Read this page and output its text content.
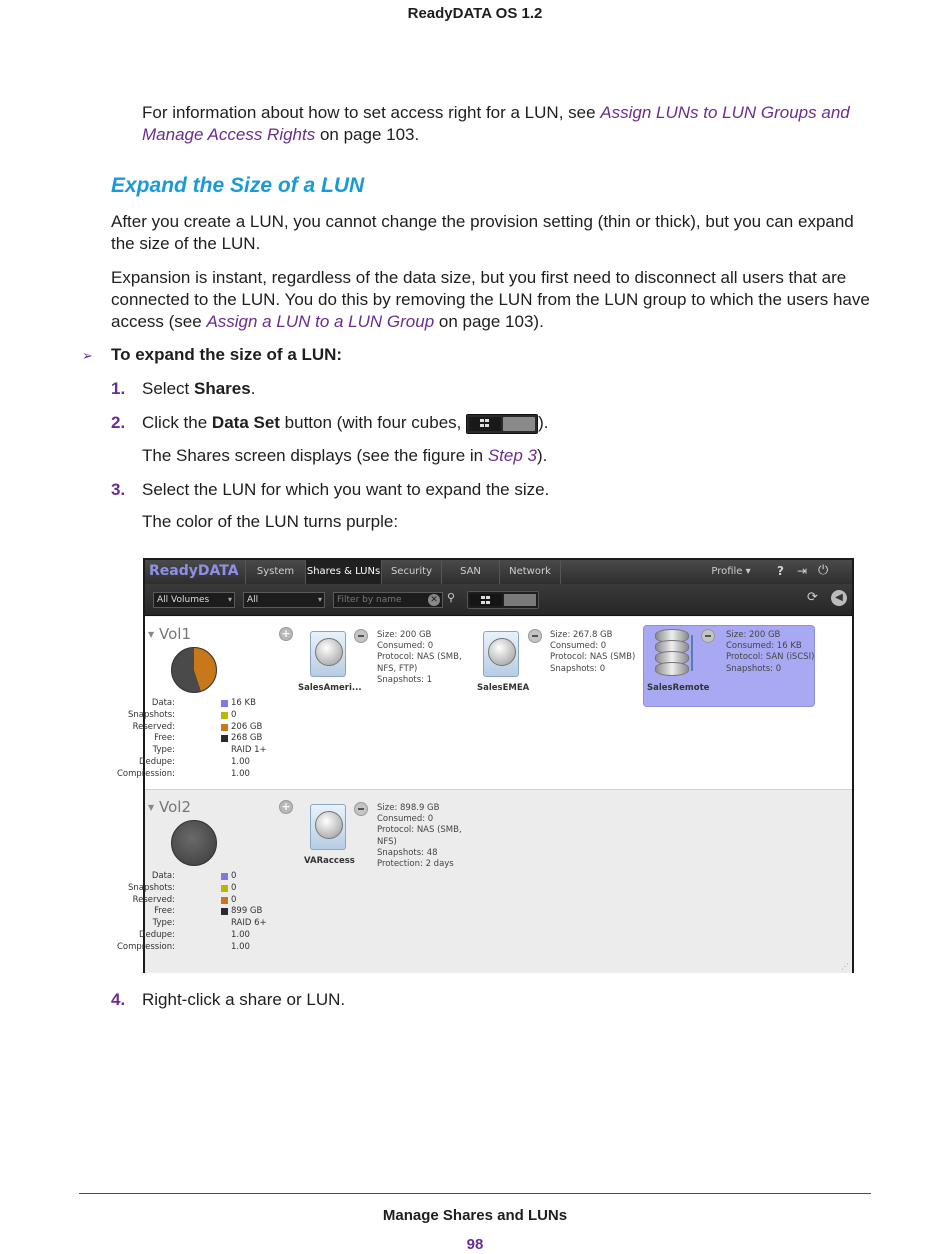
ReadyDATA OS 1.2
For information about how to set access right for a LUN, see Assign LUNs to LUN Groups and Manage Access Rights on page 103.
Expand the Size of a LUN
After you create a LUN, you cannot change the provision setting (thin or thick), but you can expand the size of the LUN.
Expansion is instant, regardless of the data size, but you first need to disconnect all users that are connected to the LUN. You do this by removing the LUN from the LUN group to which the users have access (see Assign a LUN to a LUN Group on page 103).
➢ To expand the size of a LUN:
1. Select Shares.
2. Click the Data Set button (with four cubes,	).
The Shares screen displays (see the figure in Step 3).
3. Select the LUN for which you want to expand the size.
The color of the LUN turns purple:
ReadyDATA	System	Shares & LUNs	Security	SAN	Network	Profile ▾	? ⇥ ⏻
All Volumes ▾	All	▾	Filter by name	✕ ⚲	⟳	◀
▼ Vol1
Data:	16 KB
Snapshots:	0
Reserved:	206 GB
Free:	268 GB
Type:	RAID 1+
Dedupe:	1.00
Compression:	1.00
+
SalesAmeri...
Size: 200 GB
Consumed: 0
Protocol: NAS (SMB,
NFS, FTP)
Snapshots: 1
SalesEMEA
Size: 267.8 GB
Consumed: 0
Protocol: NAS (SMB)
Snapshots: 0
SalesRemote
Size: 200 GB
Consumed: 16 KB
Protocol: SAN (iSCSI)
Snapshots: 0
▼ Vol2
Data:	0
Snapshots:	0
Reserved:	0
Free:	899 GB
Type:	RAID 6+
Dedupe:	1.00
Compression:	1.00
+
VARaccess
Size: 898.9 GB
Consumed: 0
Protocol: NAS (SMB,
NFS)
Snapshots: 48
Protection: 2 days
⋰
4. Right-click a share or LUN.
Manage Shares and LUNs
98
